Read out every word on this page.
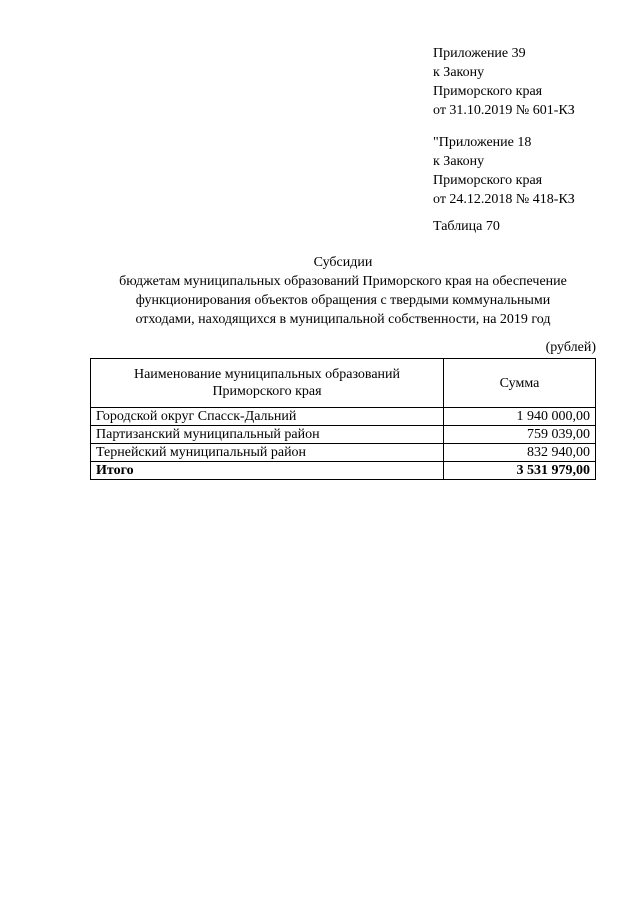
Приложение 39
к Закону
Приморского края
от 31.10.2019 № 601-КЗ
"Приложение 18
к Закону
Приморского края
от 24.12.2018 № 418-КЗ
Таблица 70
Субсидии
бюджетам муниципальных образований Приморского края на обеспечение
функционирования объектов обращения с твердыми коммунальными
отходами, находящихся в муниципальной собственности, на 2019 год
(рублей)
Наименование муниципальных образований Приморского края	Сумма
Городской округ Спасск-Дальний	1 940 000,00
Партизанский муниципальный район	759 039,00
Тернейский муниципальный район	832 940,00
Итого	3 531 979,00
